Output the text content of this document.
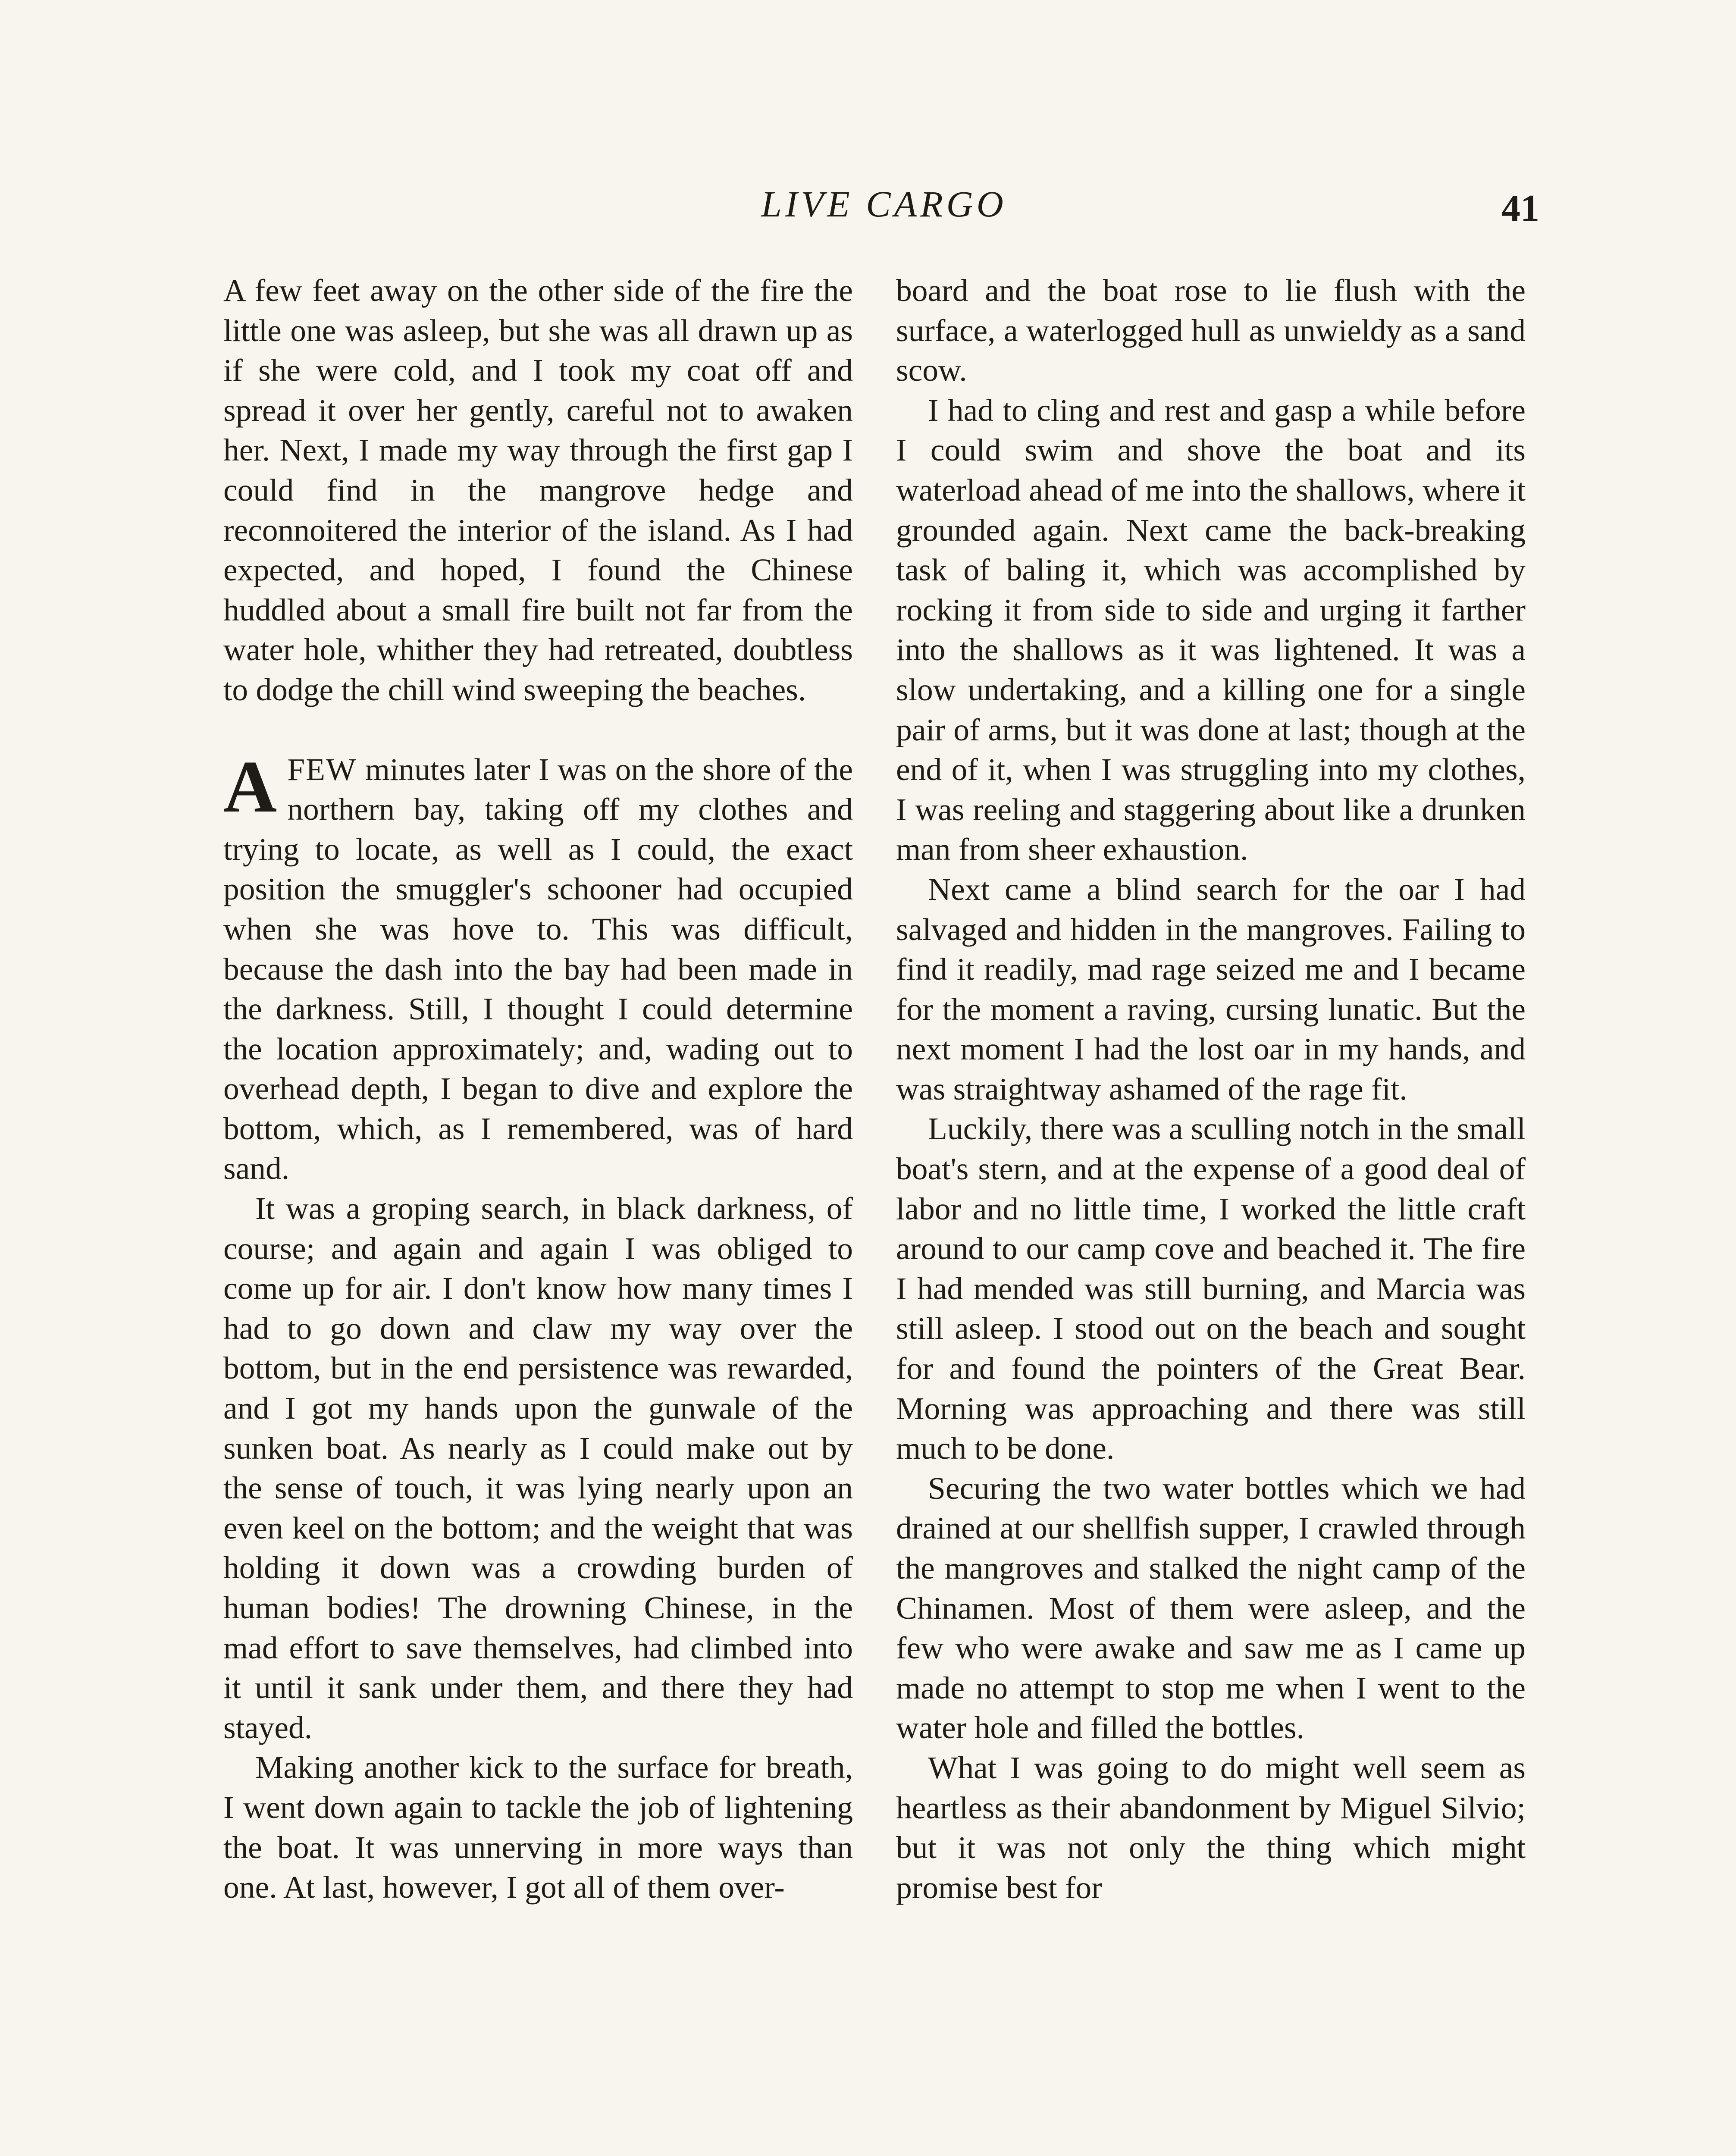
LIVE CARGO	41

A few feet away on the other side of the fire the little one was asleep, but she was all drawn up as if she were cold, and I took my coat off and spread it over her gently, careful not to awaken her. Next, I made my way through the first gap I could find in the mangrove hedge and reconnoitered the interior of the island. As I had expected, and hoped, I found the Chinese huddled about a small fire built not far from the water hole, whither they had retreated, doubtless to dodge the chill wind sweeping the beaches.

AFEW minutes later I was on the shore of the northern bay, taking off my clothes and trying to locate, as well as I could, the exact position the smuggler's schooner had occupied when she was hove to. This was difficult, because the dash into the bay had been made in the darkness. Still, I thought I could determine the location approximately; and, wading out to overhead depth, I began to dive and explore the bottom, which, as I remembered, was of hard sand.

It was a groping search, in black darkness, of course; and again and again I was obliged to come up for air. I don't know how many times I had to go down and claw my way over the bottom, but in the end persistence was rewarded, and I got my hands upon the gunwale of the sunken boat. As nearly as I could make out by the sense of touch, it was lying nearly upon an even keel on the bottom; and the weight that was holding it down was a crowding burden of human bodies! The drowning Chinese, in the mad effort to save themselves, had climbed into it until it sank under them, and there they had stayed.

Making another kick to the surface for breath, I went down again to tackle the job of lightening the boat. It was unnerving in more ways than one. At last, however, I got all of them over-

board and the boat rose to lie flush with the surface, a waterlogged hull as unwieldy as a sand scow.

I had to cling and rest and gasp a while before I could swim and shove the boat and its waterload ahead of me into the shallows, where it grounded again. Next came the back-breaking task of baling it, which was accomplished by rocking it from side to side and urging it farther into the shallows as it was lightened. It was a slow undertaking, and a killing one for a single pair of arms, but it was done at last; though at the end of it, when I was struggling into my clothes, I was reeling and staggering about like a drunken man from sheer exhaustion.

Next came a blind search for the oar I had salvaged and hidden in the mangroves. Failing to find it readily, mad rage seized me and I became for the moment a raving, cursing lunatic. But the next moment I had the lost oar in my hands, and was straightway ashamed of the rage fit.

Luckily, there was a sculling notch in the small boat's stern, and at the expense of a good deal of labor and no little time, I worked the little craft around to our camp cove and beached it. The fire I had mended was still burning, and Marcia was still asleep. I stood out on the beach and sought for and found the pointers of the Great Bear. Morning was approaching and there was still much to be done.

Securing the two water bottles which we had drained at our shellfish supper, I crawled through the mangroves and stalked the night camp of the Chinamen. Most of them were asleep, and the few who were awake and saw me as I came up made no attempt to stop me when I went to the water hole and filled the bottles.

What I was going to do might well seem as heartless as their abandonment by Miguel Silvio; but it was not only the thing which might promise best for
